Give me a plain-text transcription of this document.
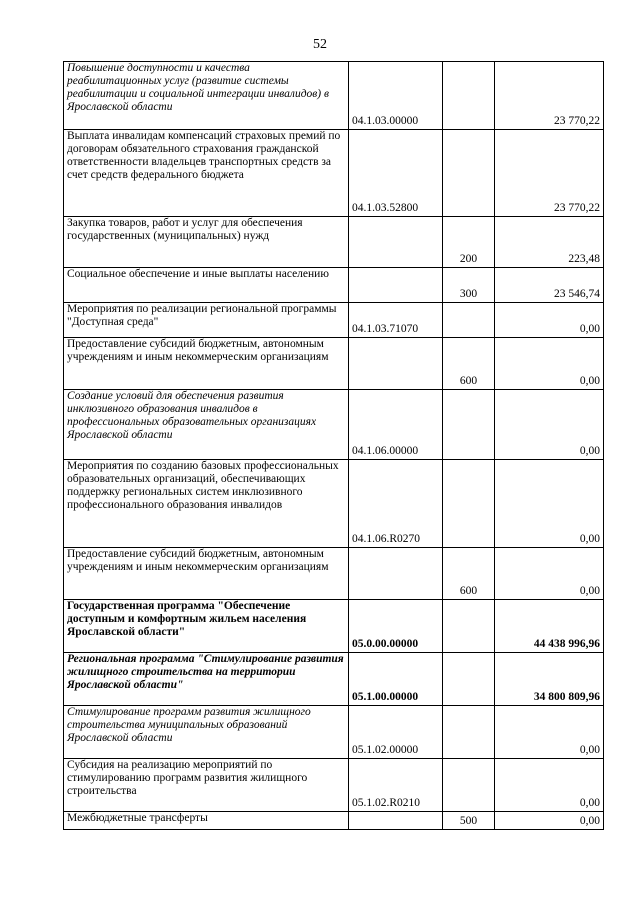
52
Повышение доступности и качества реабилитационных услуг (развитие системы реабилитации и социальной интеграции инвалидов) в Ярославской области	04.1.03.00000		23 770,22
Выплата инвалидам компенсаций страховых премий по договорам обязательного страхования гражданской ответственности владельцев транспортных средств за счет средств федерального бюджета	04.1.03.52800		23 770,22
Закупка товаров, работ и услуг для обеспечения государственных (муниципальных) нужд		200	223,48
Социальное обеспечение и иные выплаты населению		300	23 546,74
Мероприятия по реализации региональной программы "Доступная среда"	04.1.03.71070		0,00
Предоставление субсидий бюджетным, автономным учреждениям и иным некоммерческим организациям		600	0,00
Создание условий для обеспечения развития инклюзивного образования инвалидов в профессиональных образовательных организациях Ярославской области	04.1.06.00000		0,00
Мероприятия по созданию базовых профессиональных образовательных организаций, обеспечивающих поддержку региональных систем инклюзивного профессионального образования инвалидов	04.1.06.R0270		0,00
Предоставление субсидий бюджетным, автономным учреждениям и иным некоммерческим организациям		600	0,00
Государственная программа "Обеспечение доступным и комфортным жильем населения Ярославской области"	05.0.00.00000		44 438 996,96
Региональная программа "Стимулирование развития жилищного строительства на территории Ярославской области"	05.1.00.00000		34 800 809,96
Стимулирование программ развития жилищного строительства муниципальных образований Ярославской области	05.1.02.00000		0,00
Субсидия на реализацию мероприятий по стимулированию программ развития жилищного строительства	05.1.02.R0210		0,00
Межбюджетные трансферты		500	0,00
